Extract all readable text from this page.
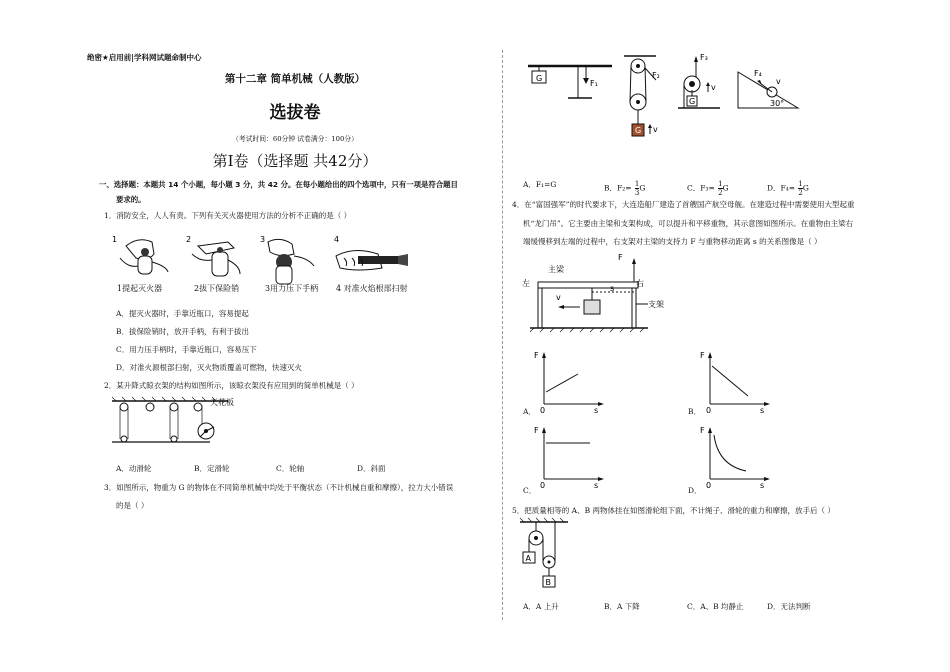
绝密★启用前|学科网试题命制中心
第十二章 简单机械（人教版）
选拔卷
（考试时间：60分钟 试卷满分：100分）
第Ⅰ卷（选择题 共42分）
一、选择题：本题共 14 个小题，每小题 3 分，共 42 分。在每小题给出的四个选项中，只有一项是符合题目
要求的。
1．消防安全，人人有责。下列有关灭火器使用方法的分析不正确的是（ ）
1	2	3	4
1提起灭火器	2拔下保险销	3用力压下手柄 4 对准火焰根部扫射
A．提灭火器时，手靠近瓶口，容易提起
B．拔保险销时，放开手柄，有利于拔出
C．用力压手柄时，手靠近瓶口，容易压下
D．对准火源根部扫射，灭火物质覆盖可燃物，快速灭火
2．某升降式晾衣架的结构如图所示，该晾衣架没有应用到的简单机械是（ ）
天花板
A．动滑轮	B．定滑轮	C．轮轴	D．斜面
3．如图所示，物重为 G 的物体在不同简单机械中均处于平衡状态（不计机械自重和摩擦），拉力大小错误
的是（ ）
G
F₁
G
F₂
v
F₃
G
v
F₄
v
30°
A．F₁=G	B．$F_2= \frac{1}{3}$ G	C．$F_3= \frac{1}{2}$ G	D．$F_4= \frac{1}{2}$ G
4．在“富国强军”的时代要求下，大连造船厂建造了首艘国产航空母舰。在建造过程中需要使用大型起重
机“龙门吊”。它主要由主梁和支架构成，可以提升和平移重物，其示意图如图所示。在重物由主梁右
端缓慢移到左端的过程中，右支架对主梁的支持力 F 与重物移动距离 s 的关系图像是（ ）
s
v
主梁
左	右
F
支架
F
0	s
A．
F
0	s
B．
F
0	s
C．
F
0	s
D．
5．把质量相等的 A、B 两物体挂在如图滑轮组下面，不计绳子、滑轮的重力和摩擦，放手后（ ）
A
B
A．A 上升	B．A 下降	C．A、B 均静止	D．无法判断
